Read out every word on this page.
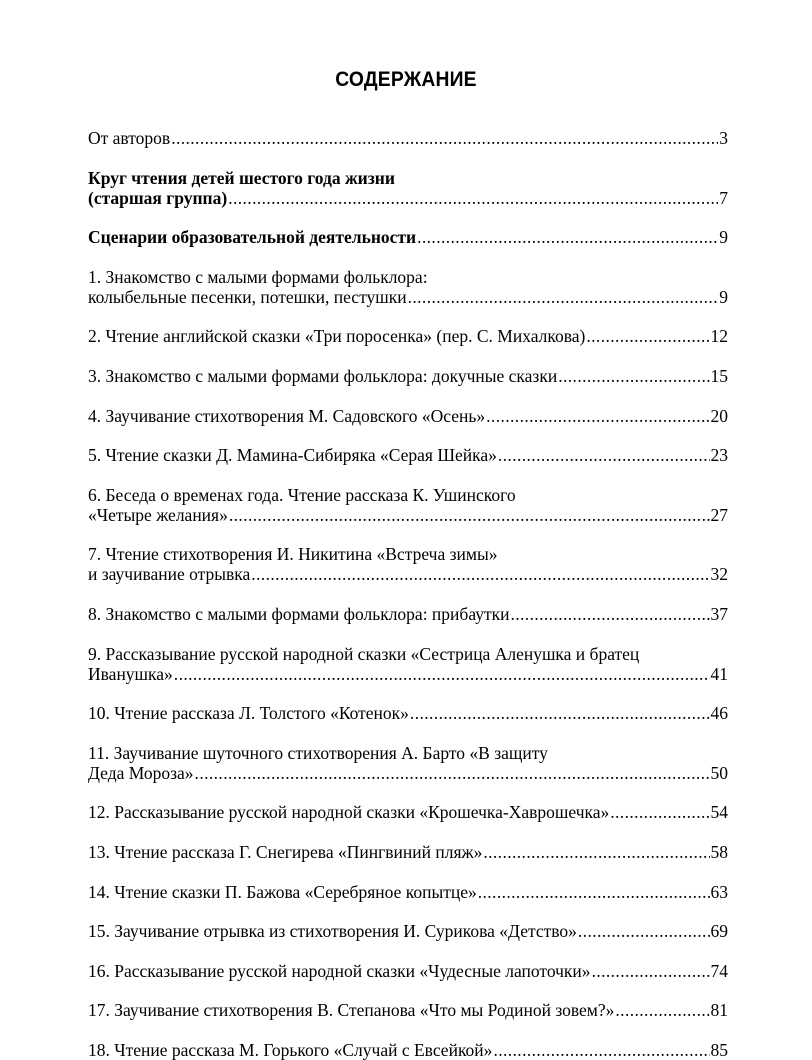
СОДЕРЖАНИЕ
От авторов .....	3
Круг чтения детей шестого года жизни
(старшая группа) .....	7
Сценарии образовательной деятельности .....	9
1. Знакомство с малыми формами фольклора:
колыбельные песенки, потешки, пестушки .....	9
2. Чтение английской сказки «Три поросенка» (пер. С. Михалкова) .....	12
3. Знакомство с малыми формами фольклора: докучные сказки .....	15
4. Заучивание стихотворения М. Садовского «Осень» .....	20
5. Чтение сказки Д. Мамина-Сибиряка «Серая Шейка» .....	23
6. Беседа о временах года. Чтение рассказа К. Ушинского
«Четыре желания» .....	27
7. Чтение стихотворения И. Никитина «Встреча зимы»
и заучивание отрывка .....	32
8. Знакомство с малыми формами фольклора: прибаутки .....	37
9. Рассказывание русской народной сказки «Сестрица Аленушка и братец
Иванушка» .....	41
10. Чтение рассказа Л. Толстого «Котенок» .....	46
11. Заучивание шуточного стихотворения А. Барто «В защиту
Деда Мороза» .....	50
12. Рассказывание русской народной сказки «Крошечка-Хаврошечка» .....	54
13. Чтение рассказа Г. Снегирева «Пингвиний пляж» .....	58
14. Чтение сказки П. Бажова «Серебряное копытце» .....	63
15. Заучивание отрывка из стихотворения И. Сурикова «Детство» .....	69
16. Рассказывание русской народной сказки «Чудесные лапоточки» .....	74
17. Заучивание стихотворения В. Степанова «Что мы Родиной зовем?» .....	81
18. Чтение рассказа М. Горького «Случай с Евсейкой» .....	85
